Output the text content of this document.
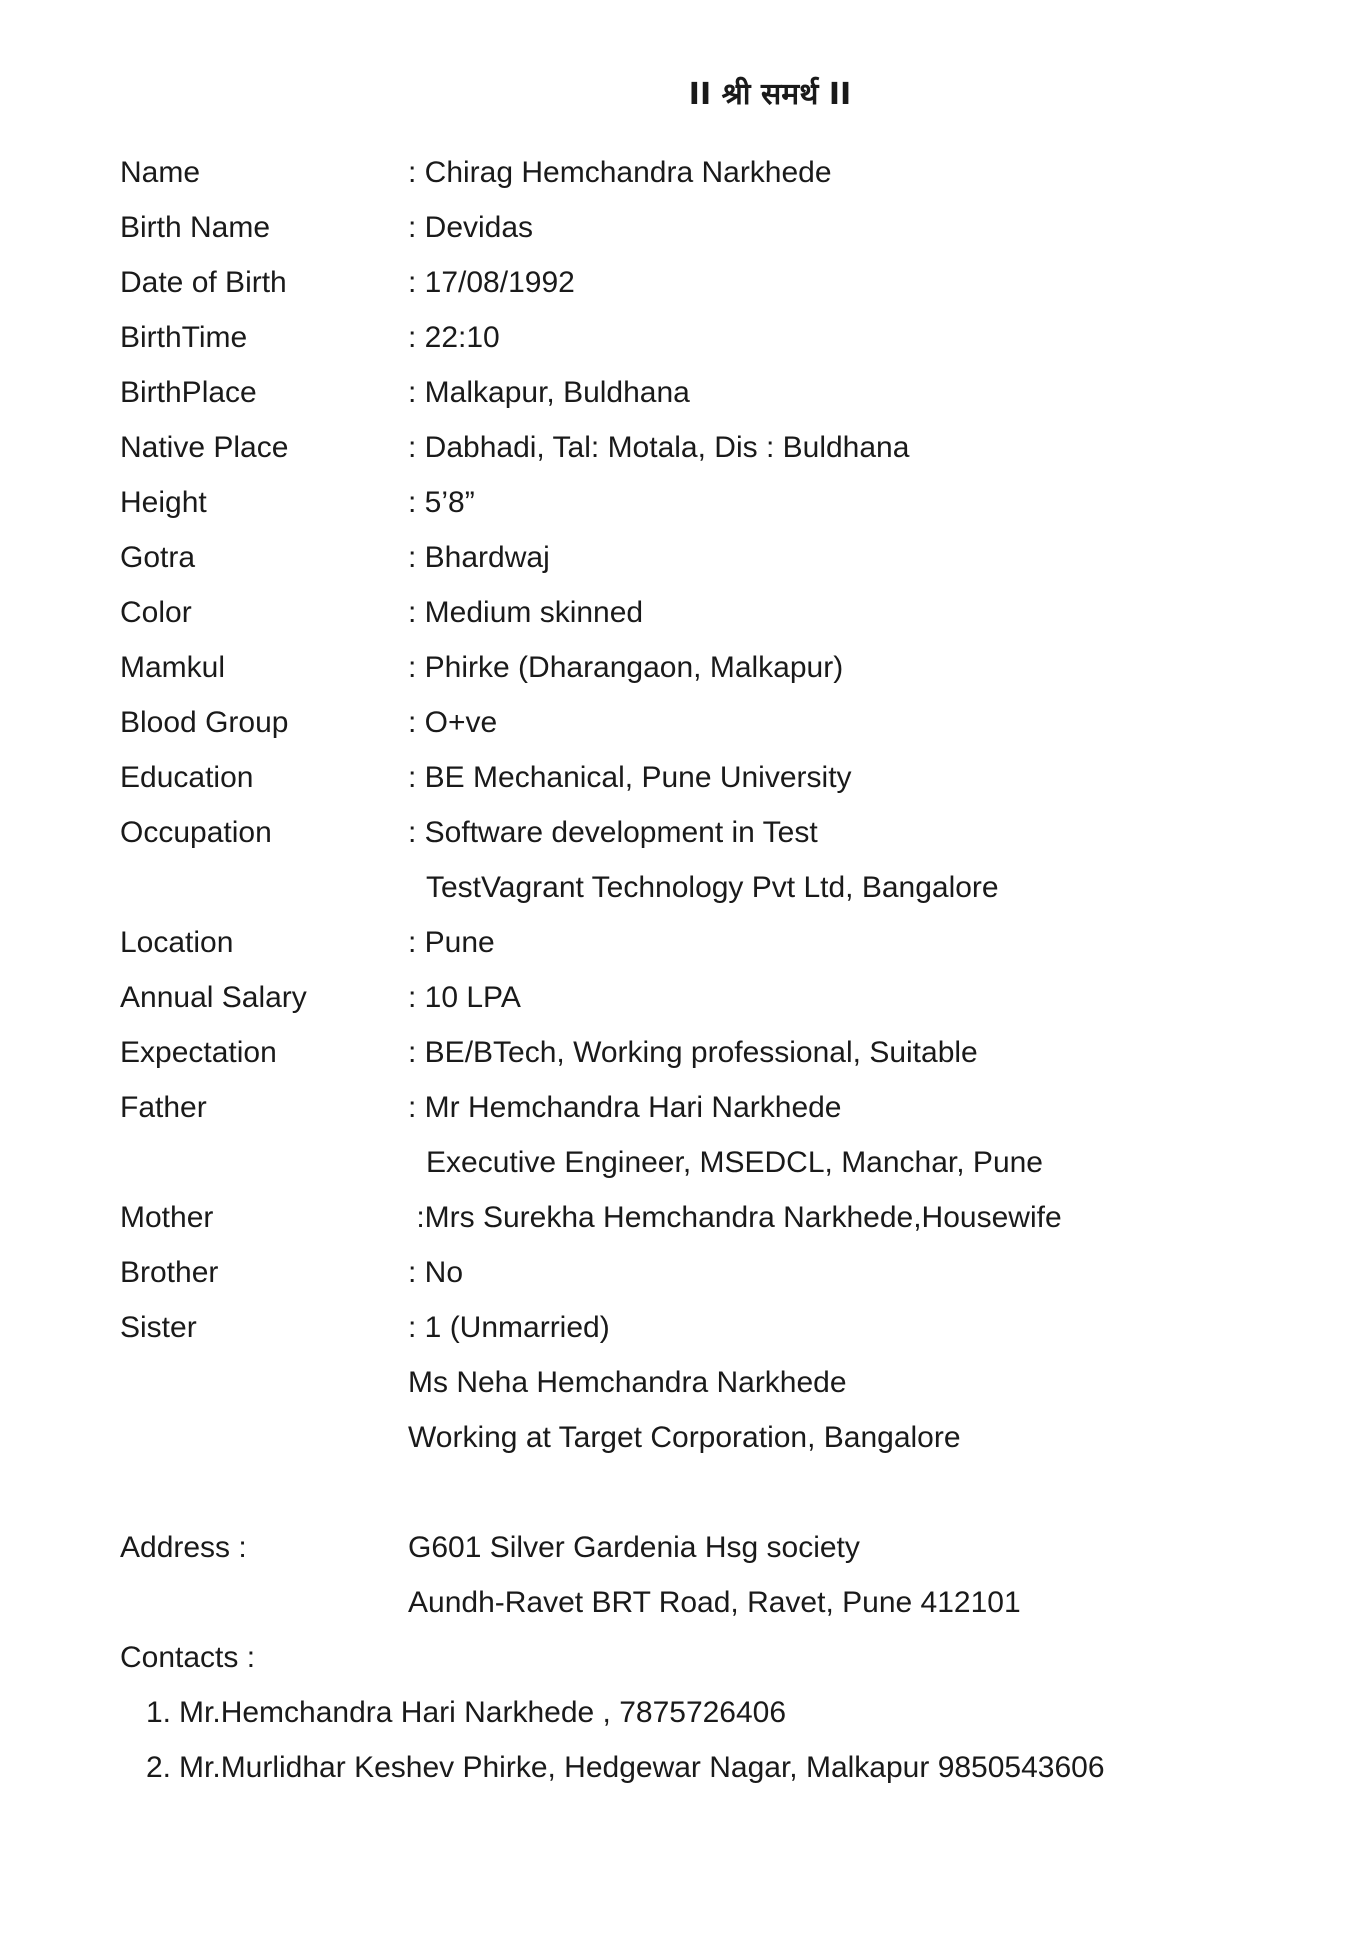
II श्री समर्थ II
Name	: Chirag Hemchandra Narkhede
Birth Name	: Devidas
Date of Birth	: 17/08/1992
BirthTime	: 22:10
BirthPlace	: Malkapur, Buldhana
Native Place	: Dabhadi, Tal: Motala, Dis : Buldhana
Height	: 5’8”
Gotra	: Bhardwaj
Color	: Medium skinned
Mamkul	: Phirke (Dharangaon, Malkapur)
Blood Group	: O+ve
Education	: BE Mechanical, Pune University
Occupation	: Software development in Test
TestVagrant Technology Pvt Ltd, Bangalore
Location	: Pune
Annual Salary	: 10 LPA
Expectation	: BE/BTech, Working professional, Suitable
Father	: Mr Hemchandra Hari Narkhede
Executive Engineer, MSEDCL, Manchar, Pune
Mother	:Mrs Surekha Hemchandra Narkhede,Housewife
Brother	: No
Sister	: 1 (Unmarried)
Ms Neha Hemchandra Narkhede
Working at Target Corporation, Bangalore
Address :	G601 Silver Gardenia Hsg society
Aundh-Ravet BRT Road, Ravet, Pune 412101
Contacts :
1. Mr.Hemchandra Hari Narkhede , 7875726406
2. Mr.Murlidhar Keshev Phirke, Hedgewar Nagar, Malkapur 9850543606
